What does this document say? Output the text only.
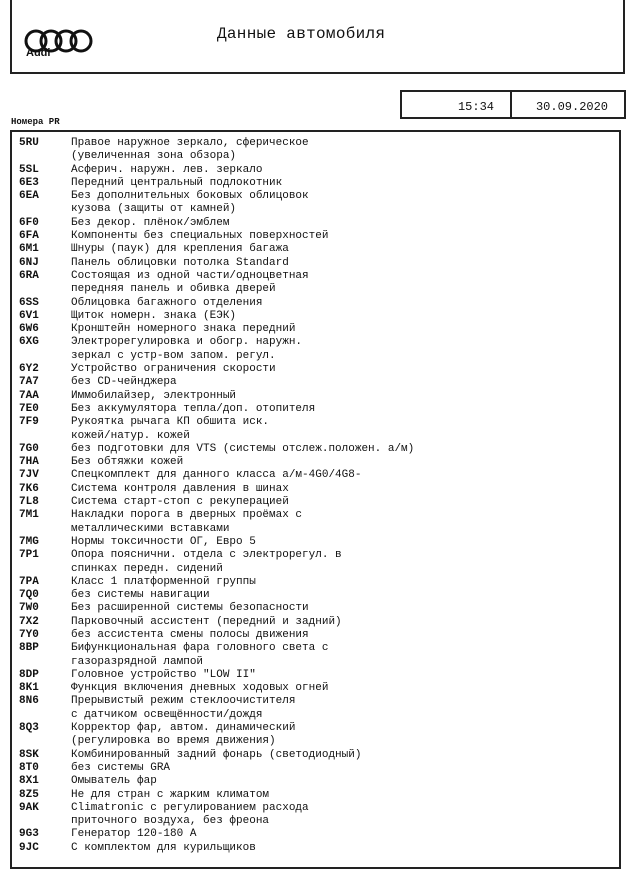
Audi
Данные автомобиля
15:34	30.09.2020
Номера PR
5RU	Правое наружное зеркало, сферическое
(увеличенная зона обзора)
5SL	Асферич. наружн. лев. зеркало
6E3	Передний центральный подлокотник
6EA	Без дополнительных боковых облицовок
кузова (защиты от камней)
6F0	Без декор. плёнок/эмблем
6FA	Компоненты без специальных поверхностей
6M1	Шнуры (паук) для крепления багажа
6NJ	Панель облицовки потолка Standard
6RA	Состоящая из одной части/одноцветная
передняя панель и обивка дверей
6SS	Облицовка багажного отделения
6V1	Щиток номерн. знака (ЕЭК)
6W6	Кронштейн номерного знака передний
6XG	Электрорегулировка и обогр. наружн.
зеркал с устр-вом запом. регул.
6Y2	Устройство ограничения скорости
7A7	без CD-чейнджера
7AA	Иммобилайзер, электронный
7E0	Без аккумулятора тепла/доп. отопителя
7F9	Рукоятка рычага КП обшита иск.
кожей/натур. кожей
7G0	без подготовки для VTS (системы отслеж.положен. а/м)
7HA	Без обтяжки кожей
7JV	Спецкомплект для данного класса а/м-4G0/4G8-
7K6	Система контроля давления в шинах
7L8	Система старт-стоп с рекуперацией
7M1	Накладки порога в дверных проёмах с
металлическими вставками
7MG	Нормы токсичности ОГ, Евро 5
7P1	Опора пояснични. отдела с электрорегул. в
спинках передн. сидений
7PA	Класс 1 платформенной группы
7Q0	без системы навигации
7W0	Без расширенной системы безопасности
7X2	Парковочный ассистент (передний и задний)
7Y0	без ассистента смены полосы движения
8BP	Бифункциональная фара головного света с
газоразрядной лампой
8DP	Головное устройство "LOW II"
8K1	Функция включения дневных ходовых огней
8N6	Прерывистый режим стеклоочистителя
с датчиком освещённости/дождя
8Q3	Корректор фар, автом. динамический
(регулировка во время движения)
8SK	Комбинированный задний фонарь (светодиодный)
8T0	без системы GRA
8X1	Омыватель фар
8Z5	Не для стран с жарким климатом
9AK	Climatronic с регулированием расхода
приточного воздуха, без фреона
9G3	Генератор 120-180 A
9JC	С комплектом для курильщиков
